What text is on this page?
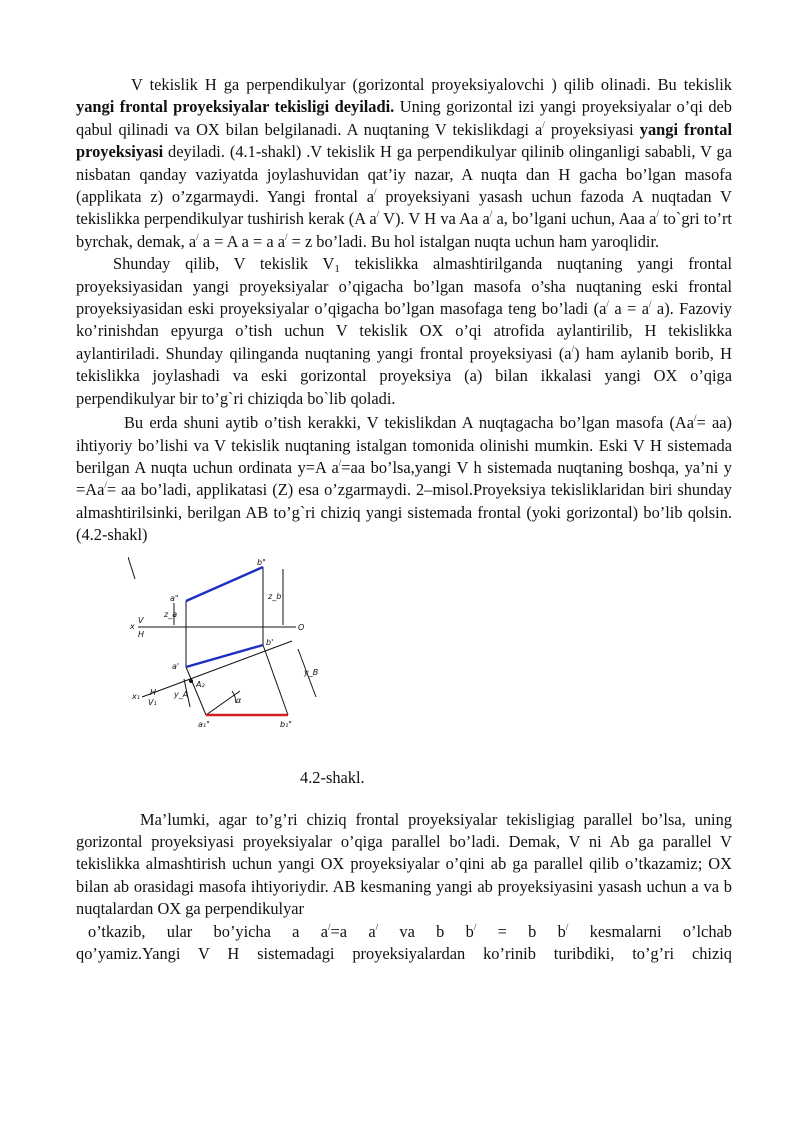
V tekislik H ga perpendikulyar (gorizontal proyeksiyalovchi ) qilib olinadi. Bu tekislik yangi frontal proyeksiyalar tekisligi deyiladi. Uning gorizontal izi yangi proyeksiyalar o’qi deb qabul qilinadi va OX bilan belgilanadi. A nuqtaning V tekislikdagi a/ proyeksiyasi yangi frontal proyeksiyasi deyiladi. (4.1-shakl) .V tekislik H ga perpendikulyar qilinib olinganligi sababli, V ga nisbatan qanday vaziyatda joylashuvidan qat’iy nazar, A nuqta dan H gacha bo’lgan masofa (applikata z) o’zgarmaydi. Yangi frontal a/ proyeksiyani yasash uchun fazoda A nuqtadan V tekislikka perpendikulyar tushirish kerak (A a/ V). V H va Aa a/ a, bo’lgani uchun, Aaa a/ to`gri to’rt byrchak, demak, a/ a = A a = a a/ = z bo’ladi. Bu hol istalgan nuqta uchun ham yaroqlidir.

Shunday qilib, V tekislik $V_1$ tekislikka almashtirilganda nuqtaning yangi frontal proyeksiyasidan yangi proyeksiyalar o’qigacha bo’lgan masofa o’sha nuqtaning eski frontal proyeksiyasidan eski proyeksiyalar o’qigacha bo’lgan masofaga teng bo’ladi (a/ a = a/ a). Fazoviy ko’rinishdan epyurga o’tish uchun V tekislik OX o’qi atrofida aylantirilib, H tekislikka aylantiriladi. Shunday qilinganda nuqtaning yangi frontal proyeksiyasi (a/) ham aylanib borib, H tekislikka joylashadi va eski gorizontal proyeksiya (a) bilan ikkalasi yangi OX o’qiga perpendikulyar bir to’g`ri chiziqda bo`lib qoladi.

Bu erda shuni aytib o’tish kerakki, V tekislikdan A nuqtagacha bo’lgan masofa (Aa/= aa) ihtiyoriy bo’lishi va V tekislik nuqtaning istalgan tomonida olinishi mumkin. Eski V H sistemada berilgan A nuqta uchun ordinata y=A a/=aa bo’lsa,yangi V h sistemada nuqtaning boshqa, ya’ni y =Aa/= aa bo’ladi, applikatasi (Z) esa o’zgarmaydi. 2–misol.Proyeksiya tekisliklaridan biri shunday almashtirilsinki, berilgan AB to’g`ri chiziq yangi sistemada frontal (yoki gorizontal) bo’lib qolsin.(4.2-shakl)

b"
a"	z_b
z_a
x
V
H
O
b'
a'
x₁ H
V₁
a₁"	b₁"
A₂
α
y_B
y_A
4.2-shakl.

Ma’lumki, agar to’g’ri chiziq frontal proyeksiyalar tekisligiag parallel bo’lsa, uning gorizontal proyeksiyasi proyeksiyalar o’qiga parallel bo’ladi. Demak, V ni Ab ga parallel V tekislikka almashtirish uchun yangi OX proyeksiyalar o’qini ab ga parallel qilib o’tkazamiz; OX bilan ab orasidagi masofa ihtiyoriydir. AB kesmaning yangi ab proyeksiyasini yasash uchun a va b nuqtalardan OX ga perpendikulyar

o’tkazib, ular bo’yicha a a/=a a/ va b b/ = b b/ kesmalarni o’lchab

qo’yamiz.Yangi V H sistemadagi proyeksiyalardan ko’rinib turibdiki, to’g’ri chiziq
